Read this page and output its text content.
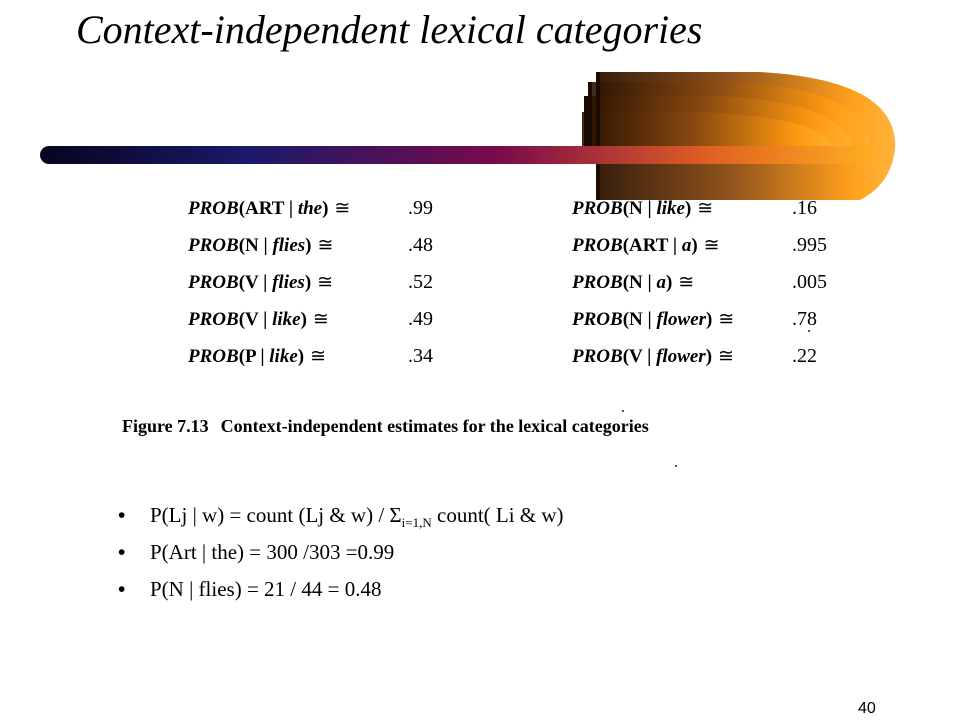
Context-independent lexical categories
PROB(ART | the) ≅	.99
PROB(N | flies) ≅	.48
PROB(V | flies) ≅	.52
PROB(V | like) ≅	.49
PROB(P | like) ≅	.34
PROB(N | like) ≅	.16
PROB(ART | a) ≅	.995
PROB(N | a) ≅	.005
PROB(N | flower) ≅	.78
PROB(V | flower) ≅	.22
Figure 7.13 Context-independent estimates for the lexical categories
• P(Lj | w) = count (Lj & $w) / \Sigma_{i=1,N}$ count( Li & w)
• P(Art | the) = 300 /303 =0.99
• P(N | flies) = 21 / 44 = 0.48
40
